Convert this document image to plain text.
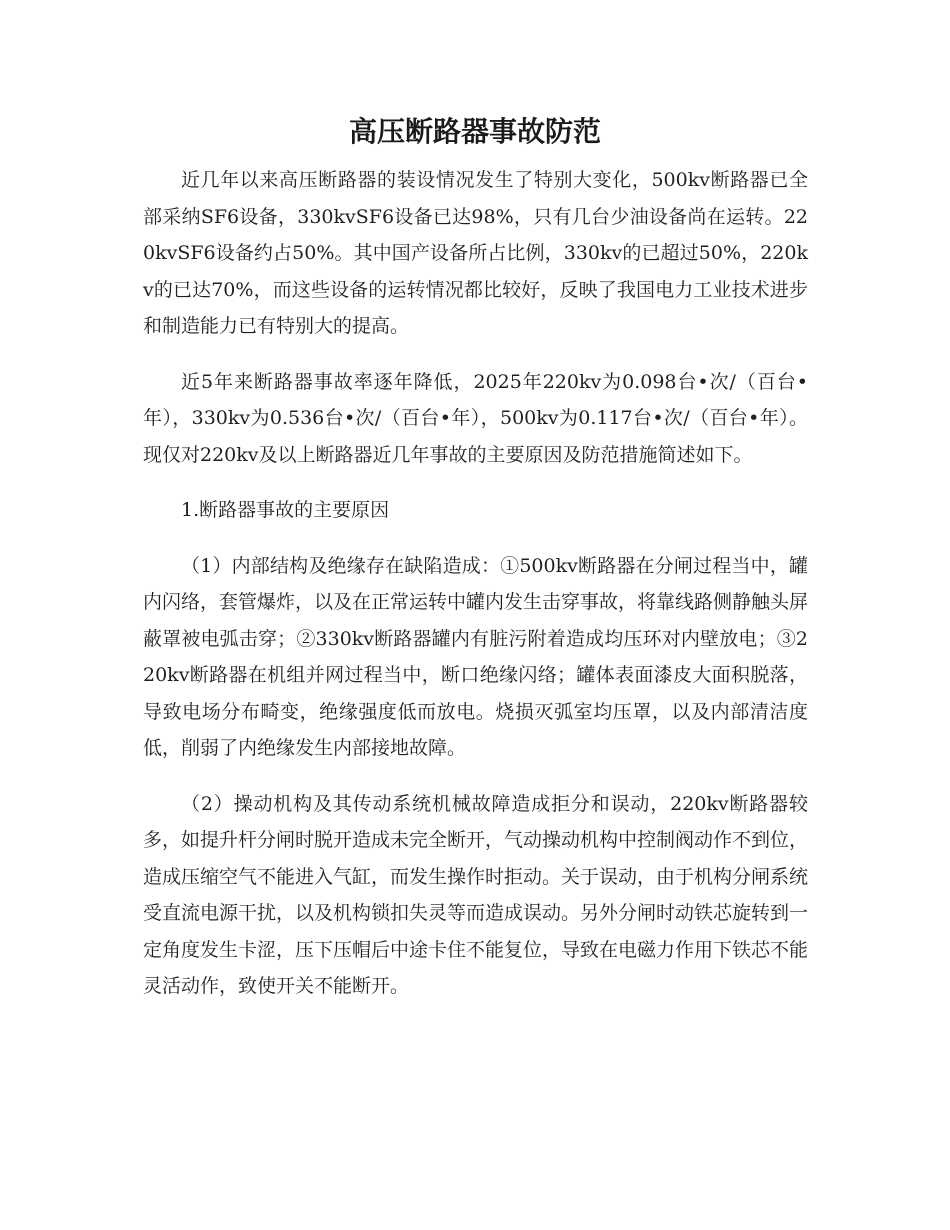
高压断路器事故防范

近几年以来高压断路器的装设情况发生了特别大变化，500kv断路器已全部采纳SF6设备，330kvSF6设备已达98%，只有几台少油设备尚在运转。220kvSF6设备约占50%。其中国产设备所占比例，330kv的已超过50%，220kv的已达70%，而这些设备的运转情况都比较好，反映了我国电力工业技术进步和制造能力已有特别大的提高。

近5年来断路器事故率逐年降低，2025年220kv为0.098台•次/（百台•年），330kv为0.536台•次/（百台•年），500kv为0.117台•次/（百台•年）。现仅对220kv及以上断路器近几年事故的主要原因及防范措施简述如下。

1.断路器事故的主要原因

（1）内部结构及绝缘存在缺陷造成：①500kv断路器在分闸过程当中，罐内闪络，套管爆炸，以及在正常运转中罐内发生击穿事故，将靠线路侧静触头屏蔽罩被电弧击穿；②330kv断路器罐内有脏污附着造成均压环对内壁放电；③220kv断路器在机组并网过程当中，断口绝缘闪络；罐体表面漆皮大面积脱落，导致电场分布畸变，绝缘强度低而放电。烧损灭弧室均压罩，以及内部清洁度低，削弱了内绝缘发生内部接地故障。

（2）操动机构及其传动系统机械故障造成拒分和误动，220kv断路器较多，如提升杆分闸时脱开造成未完全断开，气动操动机构中控制阀动作不到位，造成压缩空气不能进入气缸，而发生操作时拒动。关于误动，由于机构分闸系统受直流电源干扰，以及机构锁扣失灵等而造成误动。另外分闸时动铁芯旋转到一定角度发生卡涩，压下压帽后中途卡住不能复位，导致在电磁力作用下铁芯不能灵活动作，致使开关不能断开。
